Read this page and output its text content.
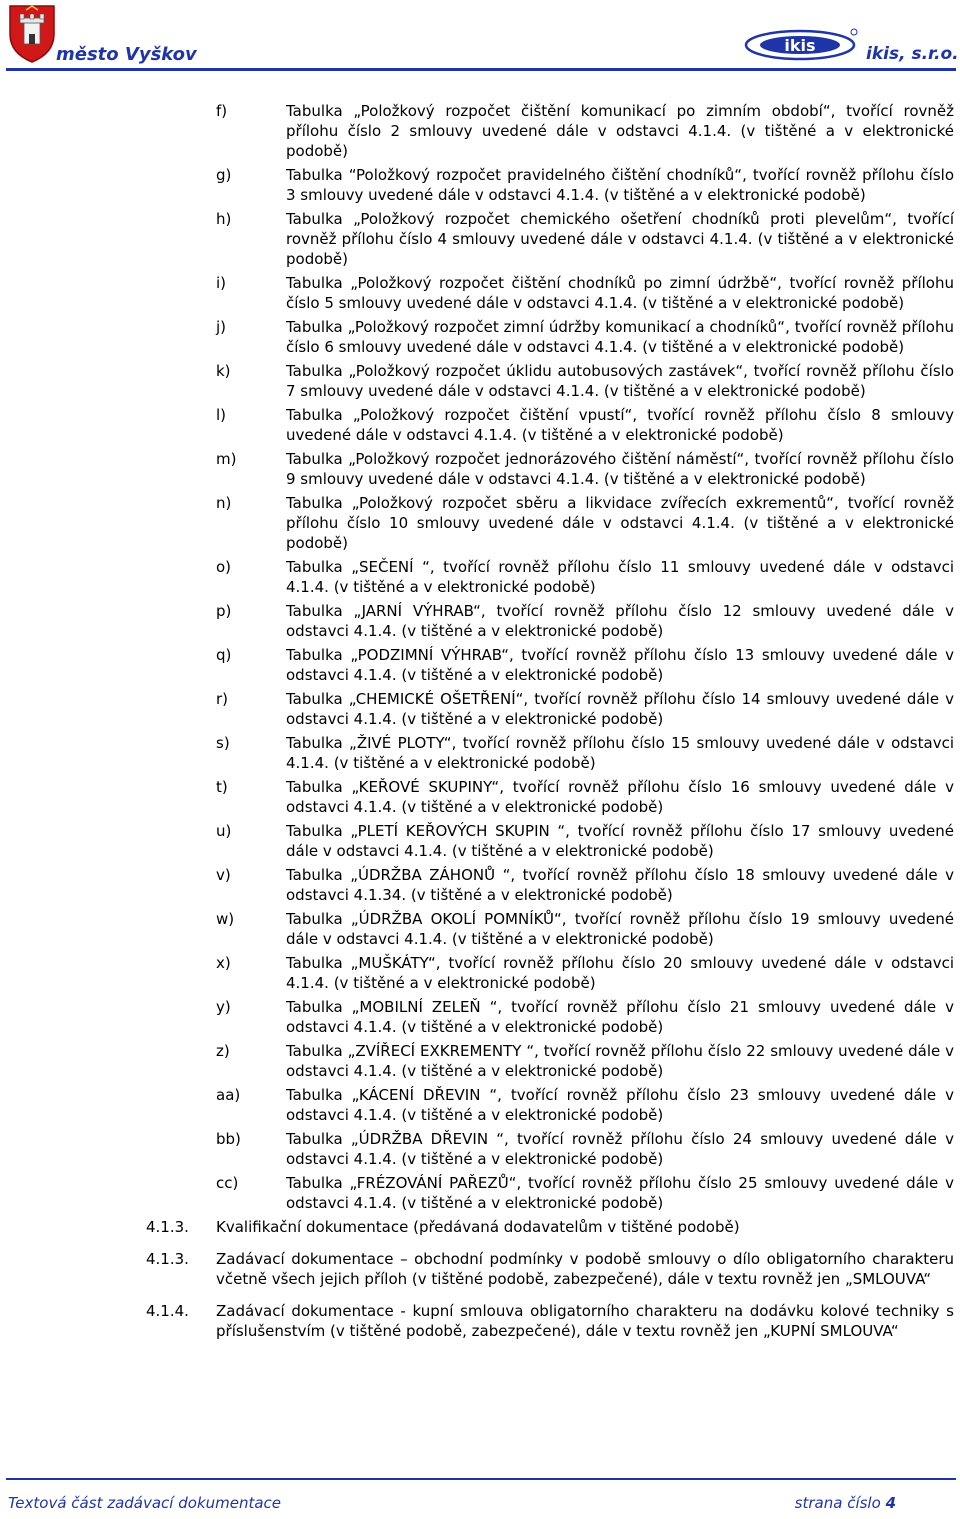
město Vyškov	ikis	ikis, s.r.o.
f)	Tabulka „Položkový rozpočet čištění komunikací po zimním období“, tvořící rovněž přílohu číslo 2 smlouvy uvedené dále v odstavci 4.1.4. (v tištěné a v elektronické podobě)
g)	Tabulka “Položkový rozpočet pravidelného čištění chodníků“, tvořící rovněž přílohu číslo 3 smlouvy uvedené dále v odstavci 4.1.4. (v tištěné a v elektronické podobě)
h)	Tabulka „Položkový rozpočet chemického ošetření chodníků proti plevelům“, tvořící rovněž přílohu číslo 4 smlouvy uvedené dále v odstavci 4.1.4. (v tištěné a v elektronické podobě)
i)	Tabulka „Položkový rozpočet čištění chodníků po zimní údržbě“, tvořící rovněž přílohu číslo 5 smlouvy uvedené dále v odstavci 4.1.4. (v tištěné a v elektronické podobě)
j)	Tabulka „Položkový rozpočet zimní údržby komunikací a chodníků“, tvořící rovněž přílohu číslo 6 smlouvy uvedené dále v odstavci 4.1.4. (v tištěné a v elektronické podobě)
k)	Tabulka „Položkový rozpočet úklidu autobusových zastávek“, tvořící rovněž přílohu číslo 7 smlouvy uvedené dále v odstavci 4.1.4. (v tištěné a v elektronické podobě)
l)	Tabulka „Položkový rozpočet čištění vpustí“, tvořící rovněž přílohu číslo 8 smlouvy uvedené dále v odstavci 4.1.4. (v tištěné a v elektronické podobě)
m)	Tabulka „Položkový rozpočet jednorázového čištění náměstí“, tvořící rovněž přílohu číslo 9 smlouvy uvedené dále v odstavci 4.1.4. (v tištěné a v elektronické podobě)
n)	Tabulka „Položkový rozpočet sběru a likvidace zvířecích exkrementů“, tvořící rovněž přílohu číslo 10 smlouvy uvedené dále v odstavci 4.1.4. (v tištěné a v elektronické podobě)
o)	Tabulka „SEČENÍ “, tvořící rovněž přílohu číslo 11 smlouvy uvedené dále v odstavci 4.1.4. (v tištěné a v elektronické podobě)
p)	Tabulka „JARNÍ VÝHRAB“, tvořící rovněž přílohu číslo 12 smlouvy uvedené dále v odstavci 4.1.4. (v tištěné a v elektronické podobě)
q)	Tabulka „PODZIMNÍ VÝHRAB“, tvořící rovněž přílohu číslo 13 smlouvy uvedené dále v odstavci 4.1.4. (v tištěné a v elektronické podobě)
r)	Tabulka „CHEMICKÉ OŠETŘENÍ“, tvořící rovněž přílohu číslo 14 smlouvy uvedené dále v odstavci 4.1.4. (v tištěné a v elektronické podobě)
s)	Tabulka „ŽIVÉ PLOTY“, tvořící rovněž přílohu číslo 15 smlouvy uvedené dále v odstavci 4.1.4. (v tištěné a v elektronické podobě)
t)	Tabulka „KEŘOVÉ SKUPINY“, tvořící rovněž přílohu číslo 16 smlouvy uvedené dále v odstavci 4.1.4. (v tištěné a v elektronické podobě)
u)	Tabulka „PLETÍ KEŘOVÝCH SKUPIN “, tvořící rovněž přílohu číslo 17 smlouvy uvedené dále v odstavci 4.1.4. (v tištěné a v elektronické podobě)
v)	Tabulka „ÚDRŽBA ZÁHONŮ “, tvořící rovněž přílohu číslo 18 smlouvy uvedené dále v odstavci 4.1.34. (v tištěné a v elektronické podobě)
w)	Tabulka „ÚDRŽBA OKOLÍ POMNÍKŮ“, tvořící rovněž přílohu číslo 19 smlouvy uvedené dále v odstavci 4.1.4. (v tištěné a v elektronické podobě)
x)	Tabulka „MUŠKÁTY“, tvořící rovněž přílohu číslo 20 smlouvy uvedené dále v odstavci 4.1.4. (v tištěné a v elektronické podobě)
y)	Tabulka „MOBILNÍ ZELEŇ “, tvořící rovněž přílohu číslo 21 smlouvy uvedené dále v odstavci 4.1.4. (v tištěné a v elektronické podobě)
z)	Tabulka „ZVÍŘECÍ EXKREMENTY “, tvořící rovněž přílohu číslo 22 smlouvy uvedené dále v odstavci 4.1.4. (v tištěné a v elektronické podobě)
aa)	Tabulka „KÁCENÍ DŘEVIN “, tvořící rovněž přílohu číslo 23 smlouvy uvedené dále v odstavci 4.1.4. (v tištěné a v elektronické podobě)
bb)	Tabulka „ÚDRŽBA DŘEVIN “, tvořící rovněž přílohu číslo 24 smlouvy uvedené dále v odstavci 4.1.4. (v tištěné a v elektronické podobě)
cc)	Tabulka „FRÉZOVÁNÍ PAŘEZŮ“, tvořící rovněž přílohu číslo 25 smlouvy uvedené dále v odstavci 4.1.4. (v tištěné a v elektronické podobě)
4.1.3. Kvalifikační dokumentace (předávaná dodavatelům v tištěné podobě)
4.1.3. Zadávací dokumentace – obchodní podmínky v podobě smlouvy o dílo obligatorního charakteru včetně všech jejich příloh (v tištěné podobě, zabezpečené), dále v textu rovněž jen „SMLOUVA“
4.1.4. Zadávací dokumentace - kupní smlouva obligatorního charakteru na dodávku kolové techniky s příslušenstvím (v tištěné podobě, zabezpečené), dále v textu rovněž jen „KUPNÍ SMLOUVA“
Textová část zadávací dokumentace	strana číslo 4
